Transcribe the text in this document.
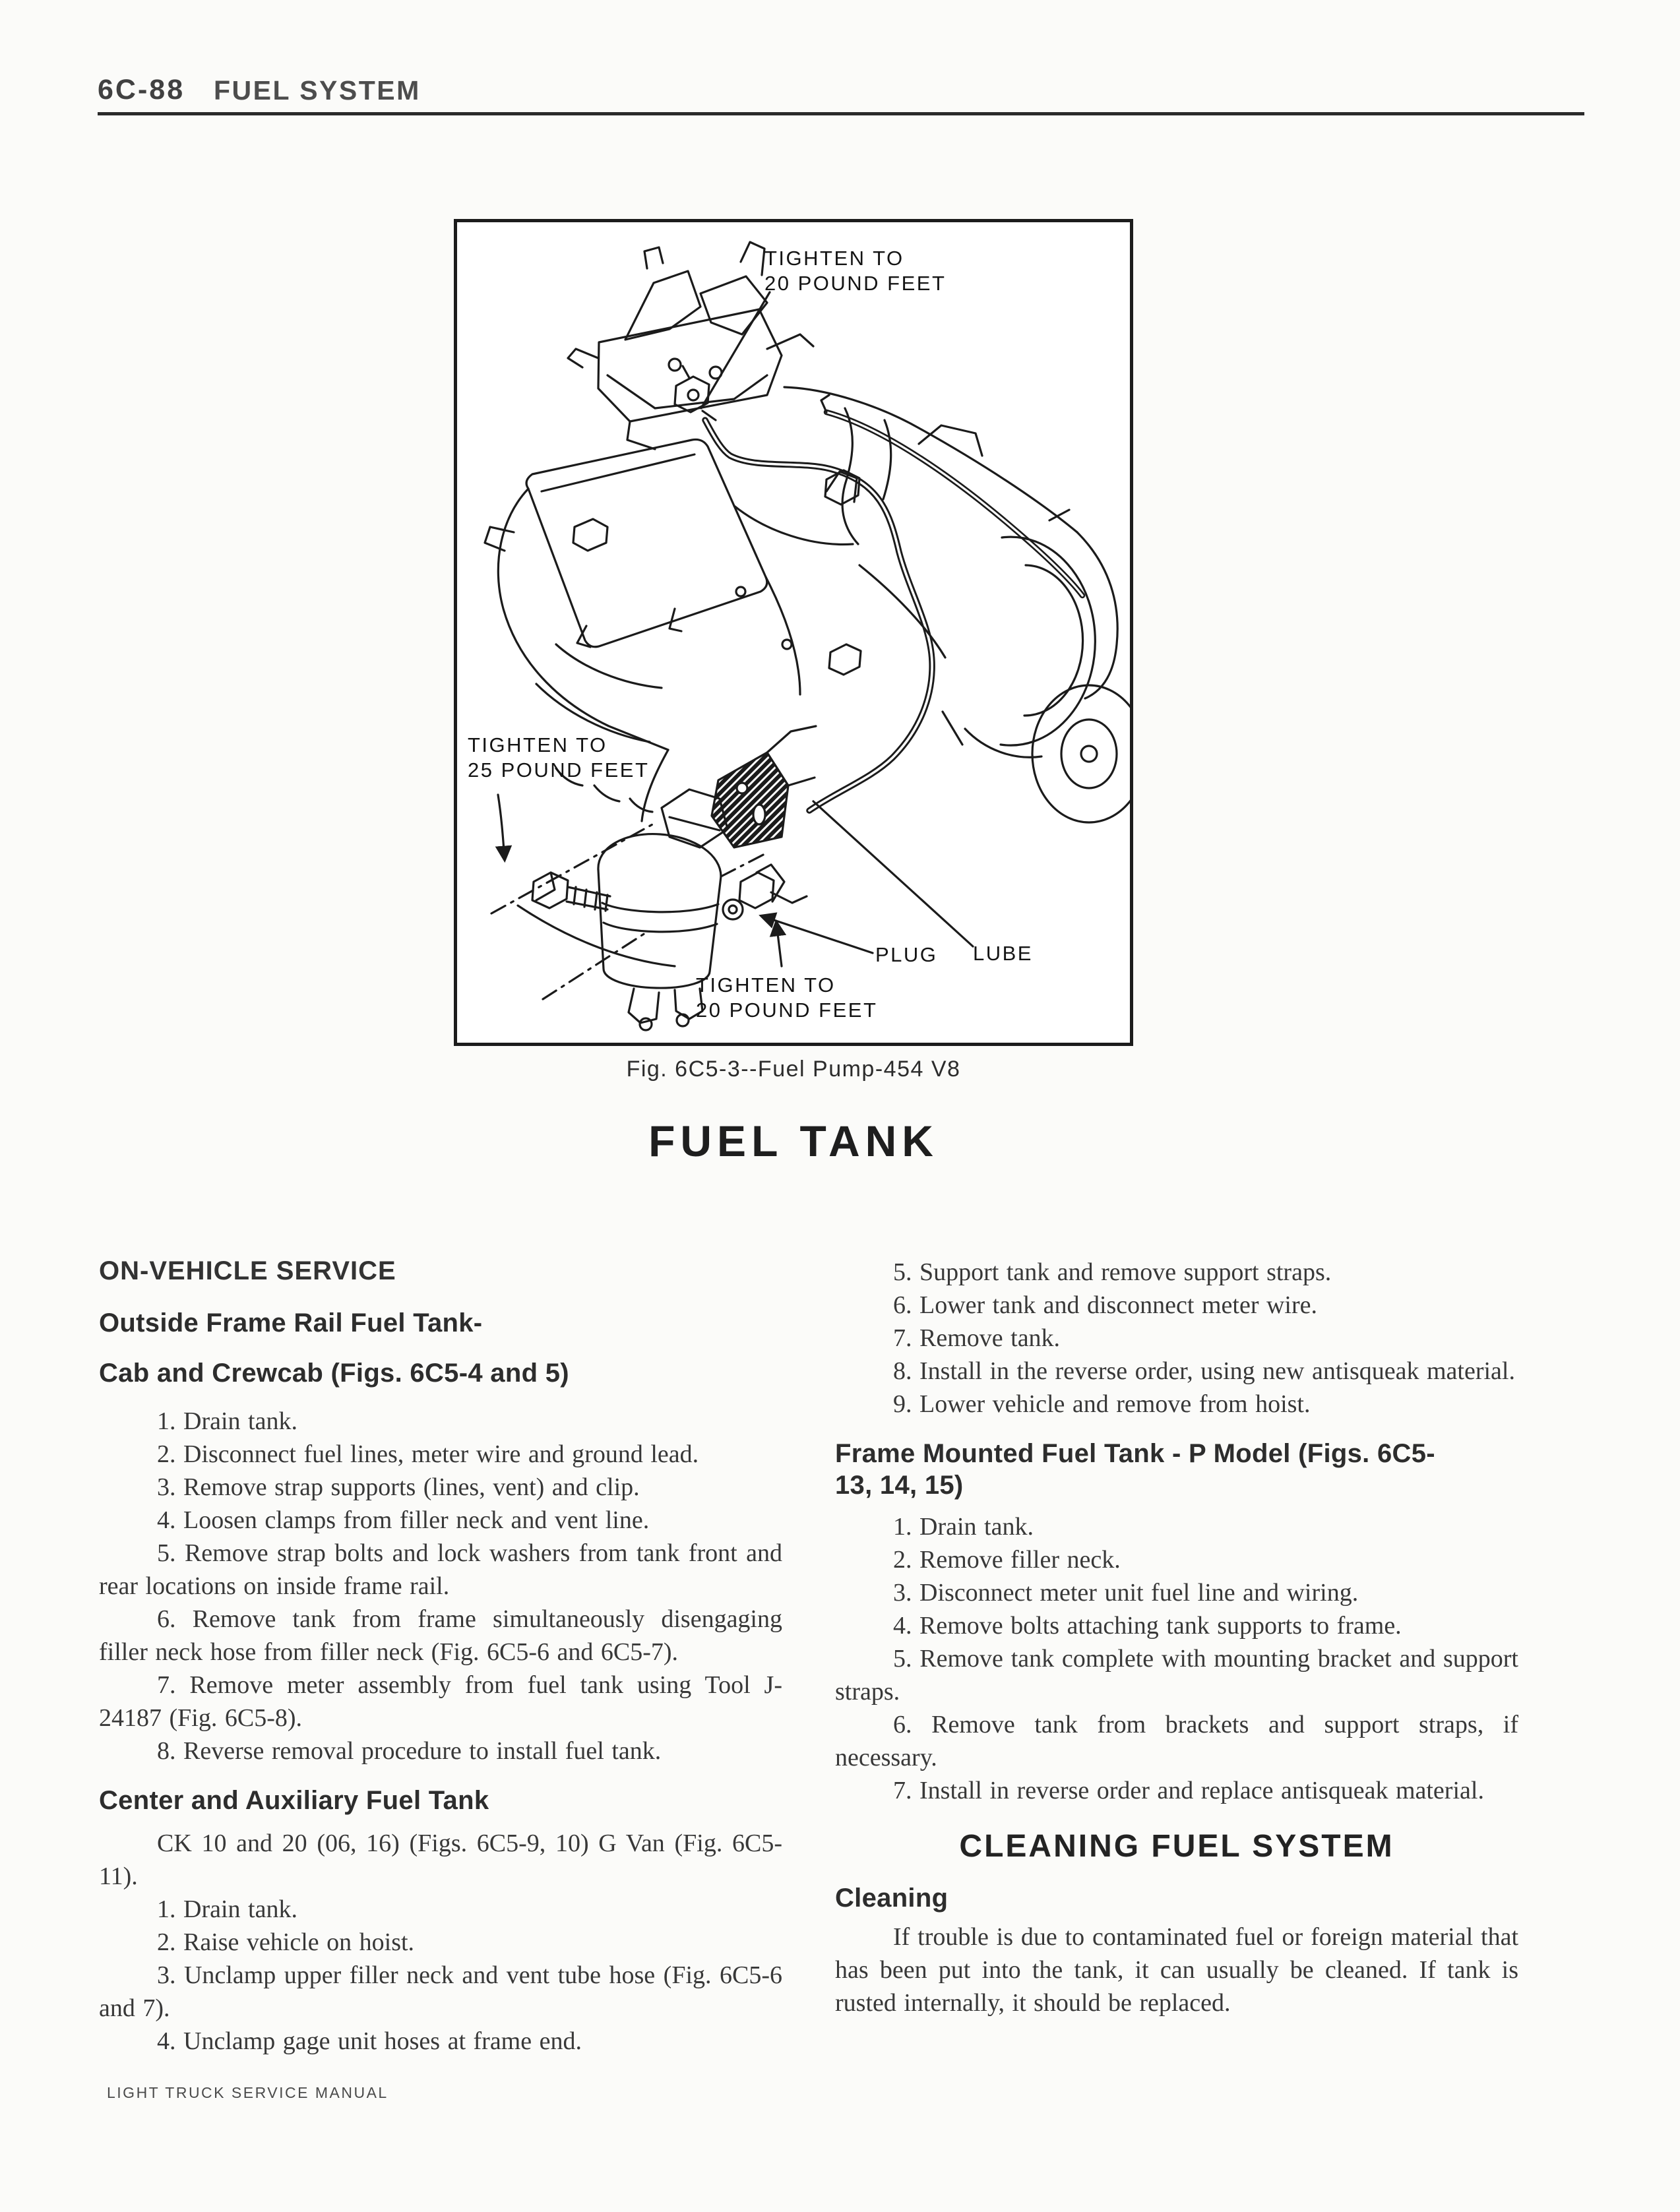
6C-88 FUEL SYSTEM
TIGHTEN TO
20 POUND FEET
TIGHTEN TO
25 POUND FEET
TIGHTEN TO
20 POUND FEET
PLUG LUBE
Fig. 6C5-3--Fuel Pump-454 V8
FUEL TANK
ON-VEHICLE SERVICE
Outside Frame Rail Fuel Tank-
Cab and Crewcab (Figs. 6C5-4 and 5)

1. Drain tank.

2. Disconnect fuel lines, meter wire and ground lead.

3. Remove strap supports (lines, vent) and clip.

4. Loosen clamps from filler neck and vent line.

5. Remove strap bolts and lock washers from tank front and rear locations on inside frame rail.

6. Remove tank from frame simultaneously disengaging filler neck hose from filler neck (Fig. 6C5-6 and 6C5-7).

7. Remove meter assembly from fuel tank using Tool J-24187 (Fig. 6C5-8).

8. Reverse removal procedure to install fuel tank.

Center and Auxiliary Fuel Tank

CK 10 and 20 (06, 16) (Figs. 6C5-9, 10) G Van (Fig. 6C5-11).

1. Drain tank.

2. Raise vehicle on hoist.

3. Unclamp upper filler neck and vent tube hose (Fig. 6C5-6 and 7).

4. Unclamp gage unit hoses at frame end.

5. Support tank and remove support straps.

6. Lower tank and disconnect meter wire.

7. Remove tank.

8. Install in the reverse order, using new antisqueak material.

9. Lower vehicle and remove from hoist.

Frame Mounted Fuel Tank - P Model (Figs. 6C5-
13, 14, 15)

1. Drain tank.

2. Remove filler neck.

3. Disconnect meter unit fuel line and wiring.

4. Remove bolts attaching tank supports to frame.

5. Remove tank complete with mounting bracket and support straps.

6. Remove tank from brackets and support straps, if necessary.

7. Install in reverse order and replace antisqueak material.

CLEANING FUEL SYSTEM
Cleaning

If trouble is due to contaminated fuel or foreign material that has been put into the tank, it can usually be cleaned. If tank is rusted internally, it should be replaced.

LIGHT TRUCK SERVICE MANUAL
